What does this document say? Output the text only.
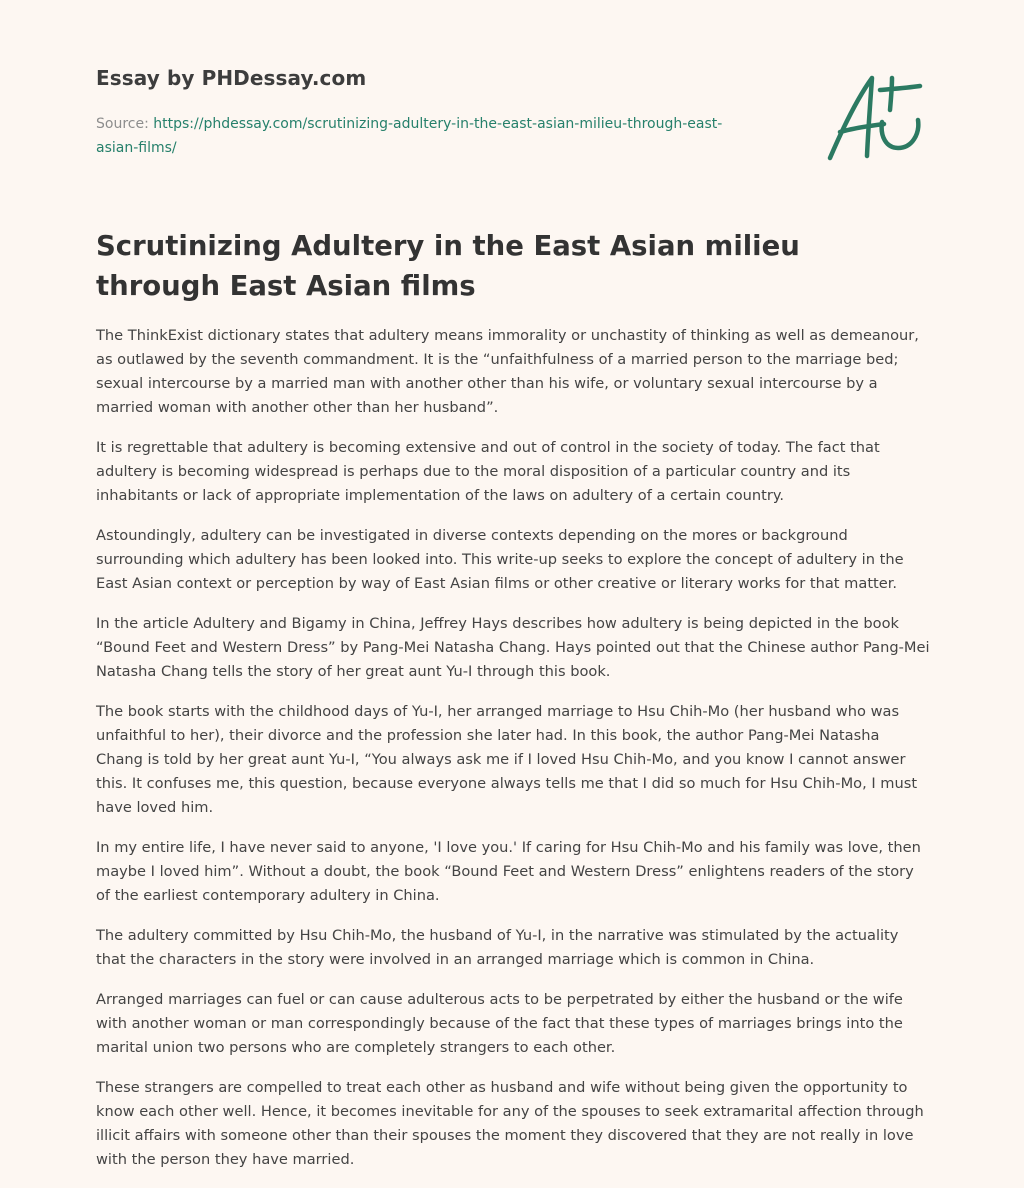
Essay by PHDessay.com
Source: https://phdessay.com/scrutinizing-adultery-in-the-east-asian-milieu-through-east-asian-films/
Scrutinizing Adultery in the East Asian milieu through East Asian films

The ThinkExist dictionary states that adultery means immorality or unchastity of thinking as well as demeanour, as outlawed by the seventh commandment. It is the “unfaithfulness of a married person to the marriage bed; sexual intercourse by a married man with another other than his wife, or voluntary sexual intercourse by a married woman with another other than her husband”.

It is regrettable that adultery is becoming extensive and out of control in the society of today. The fact that adultery is becoming widespread is perhaps due to the moral disposition of a particular country and its inhabitants or lack of appropriate implementation of the laws on adultery of a certain country.

Astoundingly, adultery can be investigated in diverse contexts depending on the mores or background surrounding which adultery has been looked into. This write-up seeks to explore the concept of adultery in the East Asian context or perception by way of East Asian films or other creative or literary works for that matter.

In the article Adultery and Bigamy in China, Jeffrey Hays describes how adultery is being depicted in the book “Bound Feet and Western Dress” by Pang-Mei Natasha Chang. Hays pointed out that the Chinese author Pang-Mei Natasha Chang tells the story of her great aunt Yu-I through this book.

The book starts with the childhood days of Yu-I, her arranged marriage to Hsu Chih-Mo (her husband who was unfaithful to her), their divorce and the profession she later had. In this book, the author Pang-Mei Natasha Chang is told by her great aunt Yu-I, “You always ask me if I loved Hsu Chih-Mo, and you know I cannot answer this. It confuses me, this question, because everyone always tells me that I did so much for Hsu Chih-Mo, I must have loved him.

In my entire life, I have never said to anyone, 'I love you.' If caring for Hsu Chih-Mo and his family was love, then maybe I loved him”. Without a doubt, the book “Bound Feet and Western Dress” enlightens readers of the story of the earliest contemporary adultery in China.

The adultery committed by Hsu Chih-Mo, the husband of Yu-I, in the narrative was stimulated by the actuality that the characters in the story were involved in an arranged marriage which is common in China.

Arranged marriages can fuel or can cause adulterous acts to be perpetrated by either the husband or the wife with another woman or man correspondingly because of the fact that these types of marriages brings into the marital union two persons who are completely strangers to each other.

These strangers are compelled to treat each other as husband and wife without being given the opportunity to know each other well. Hence, it becomes inevitable for any of the spouses to seek extramarital affection through illicit affairs with someone other than their spouses the moment they discovered that they are not really in love with the person they have married.
